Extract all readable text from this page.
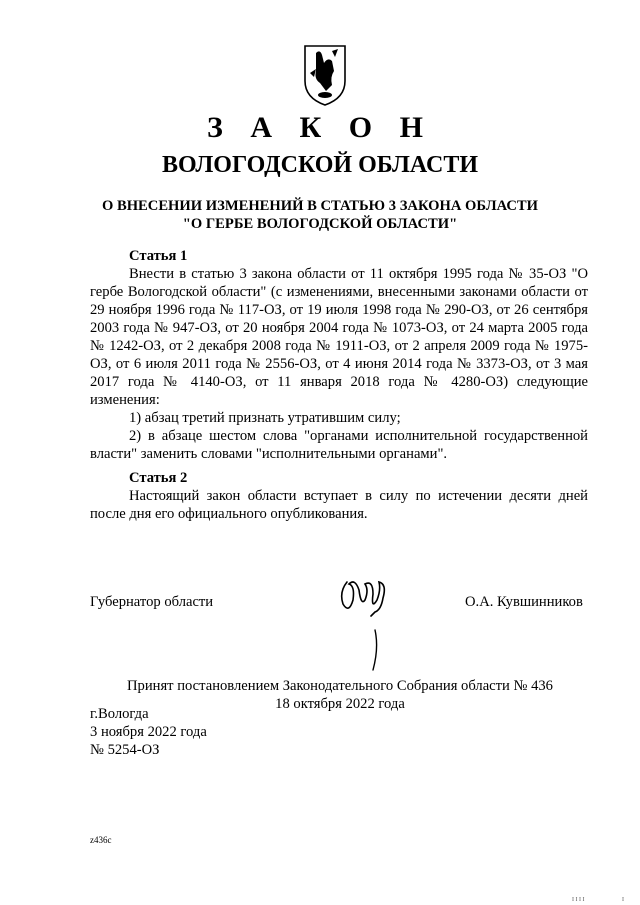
З А К О Н
ВОЛОГОДСКОЙ ОБЛАСТИ
О ВНЕСЕНИИ ИЗМЕНЕНИЙ В СТАТЬЮ 3 ЗАКОНА ОБЛАСТИ
"О ГЕРБЕ ВОЛОГОДСКОЙ ОБЛАСТИ"
Статья 1

Внести в статью 3 закона области от 11 октября 1995 года № 35-ОЗ "О гербе Вологодской области" (с изменениями, внесенными законами области от 29 ноября 1996 года № 117-ОЗ, от 19 июля 1998 года № 290-ОЗ, от 26 сентября 2003 года № 947-ОЗ, от 20 ноября 2004 года № 1073-ОЗ, от 24 марта 2005 года № 1242-ОЗ, от 2 декабря 2008 года № 1911-ОЗ, от 2 апреля 2009 года № 1975-ОЗ, от 6 июля 2011 года № 2556-ОЗ, от 4 июня 2014 года № 3373-ОЗ, от 3 мая 2017 года № 4140-ОЗ, от 11 января 2018 года № 4280-ОЗ) следующие изменения:

1) абзац третий признать утратившим силу;

2) в абзаце шестом слова "органами исполнительной государственной власти" заменить словами "исполнительными органами".

Статья 2

Настоящий закон области вступает в силу по истечении десяти дней после дня его официального опубликования.

Губернатор области	О.А. Кувшинников
Принят постановлением Законодательного Собрания области № 436
18 октября 2022 года
г.Вологда
3 ноября 2022 года
№ 5254-ОЗ
z436c
I I I I	I
